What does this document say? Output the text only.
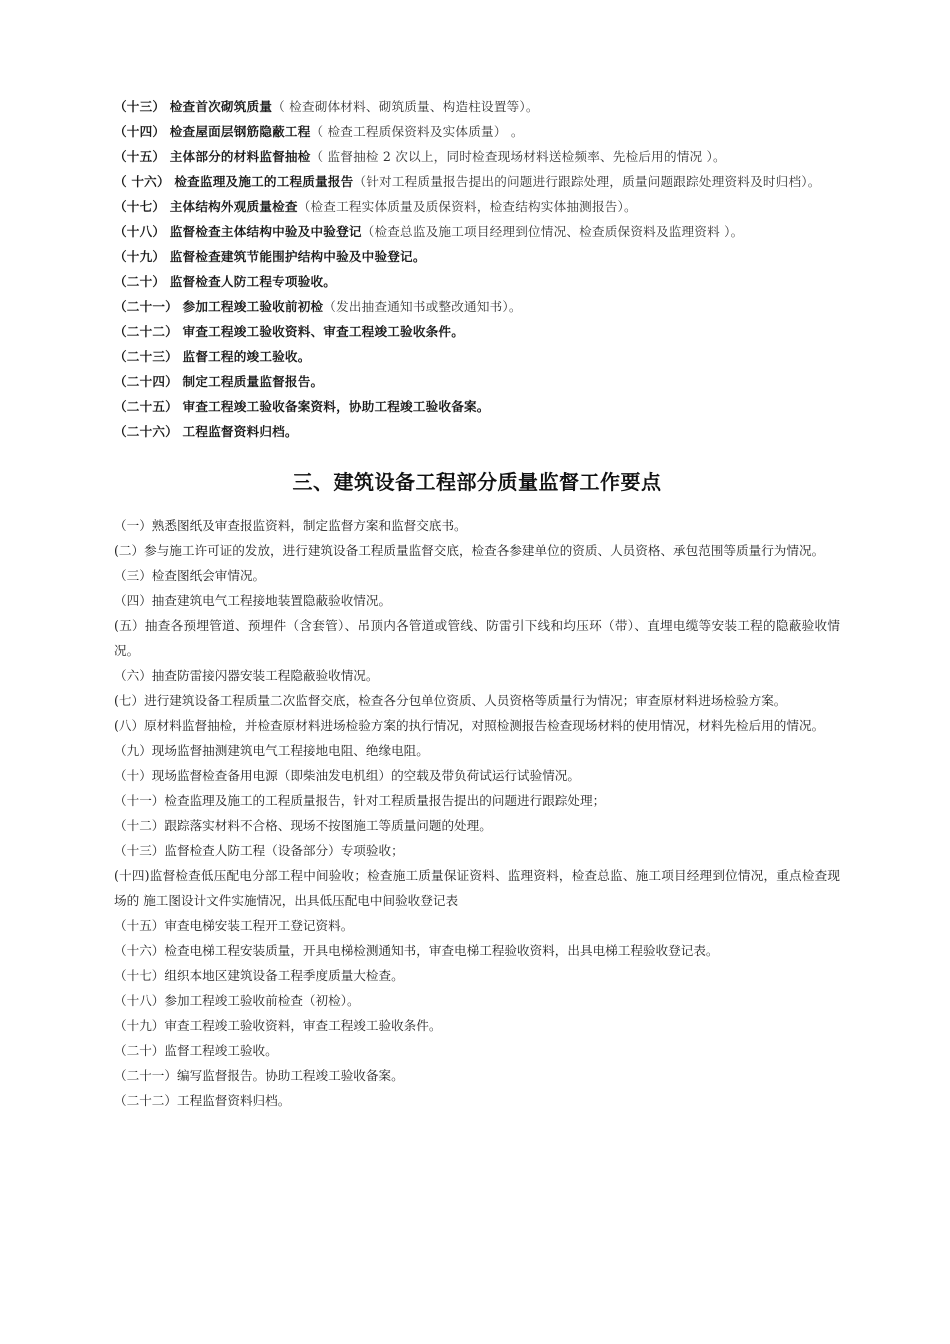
（十三） 检查首次砌筑质量（ 检查砌体材料、砌筑质量、构造柱设置等）。
（十四） 检查屋面层钢筋隐蔽工程（ 检查工程质保资料及实体质量） 。
（十五） 主体部分的材料监督抽检（ 监督抽检 2 次以上，同时检查现场材料送检频率、先检后用的情况 ）。
（ 十六） 检查监理及施工的工程质量报告（针对工程质量报告提出的问题进行跟踪处理，质量问题跟踪处理资料及时归档）。
（十七） 主体结构外观质量检查（检查工程实体质量及质保资料，检查结构实体抽测报告）。
（十八） 监督检查主体结构中验及中验登记（检查总监及施工项目经理到位情况、检查质保资料及监理资料 ）。
（十九） 监督检查建筑节能围护结构中验及中验登记。
（二十） 监督检查人防工程专项验收。
（二十一） 参加工程竣工验收前初检（发出抽查通知书或整改通知书）。
（二十二） 审查工程竣工验收资料、审查工程竣工验收条件。
（二十三） 监督工程的竣工验收。
（二十四） 制定工程质量监督报告。
（二十五） 审查工程竣工验收备案资料，协助工程竣工验收备案。
（二十六） 工程监督资料归档。
三、建筑设备工程部分质量监督工作要点
（一）熟悉图纸及审查报监资料，制定监督方案和监督交底书。
(二）参与施工许可证的发放，进行建筑设备工程质量监督交底，检查各参建单位的资质、人员资格、承包范围等质量行为情况。
（三）检查图纸会审情况。
（四）抽查建筑电气工程接地装置隐蔽验收情况。
(五）抽查各预埋管道、预埋件（含套管）、吊顶内各管道或管线、防雷引下线和均压环（带）、直埋电缆等安装工程的隐蔽验收情况。
（六）抽查防雷接闪器安装工程隐蔽验收情况。
(七）进行建筑设备工程质量二次监督交底，检查各分包单位资质、人员资格等质量行为情况；审查原材料进场检验方案。
(八）原材料监督抽检，并检查原材料进场检验方案的执行情况，对照检测报告检查现场材料的使用情况，材料先检后用的情况。
（九）现场监督抽测建筑电气工程接地电阻、绝缘电阻。
（十）现场监督检查备用电源（即柴油发电机组）的空载及带负荷试运行试验情况。
（十一）检查监理及施工的工程质量报告，针对工程质量报告提出的问题进行跟踪处理；
（十二）跟踪落实材料不合格、现场不按图施工等质量问题的处理。
（十三）监督检查人防工程（设备部分）专项验收；
(十四)监督检查低压配电分部工程中间验收；检查施工质量保证资料、监理资料，检查总监、施工项目经理到位情况，重点检查现场的 施工图设计文件实施情况，出具低压配电中间验收登记表
（十五）审查电梯安装工程开工登记资料。
（十六）检查电梯工程安装质量，开具电梯检测通知书，审查电梯工程验收资料，出具电梯工程验收登记表。
（十七）组织本地区建筑设备工程季度质量大检查。
（十八）参加工程竣工验收前检查（初检）。
（十九）审查工程竣工验收资料，审查工程竣工验收条件。
（二十）监督工程竣工验收。
（二十一）编写监督报告。协助工程竣工验收备案。
（二十二）工程监督资料归档。
